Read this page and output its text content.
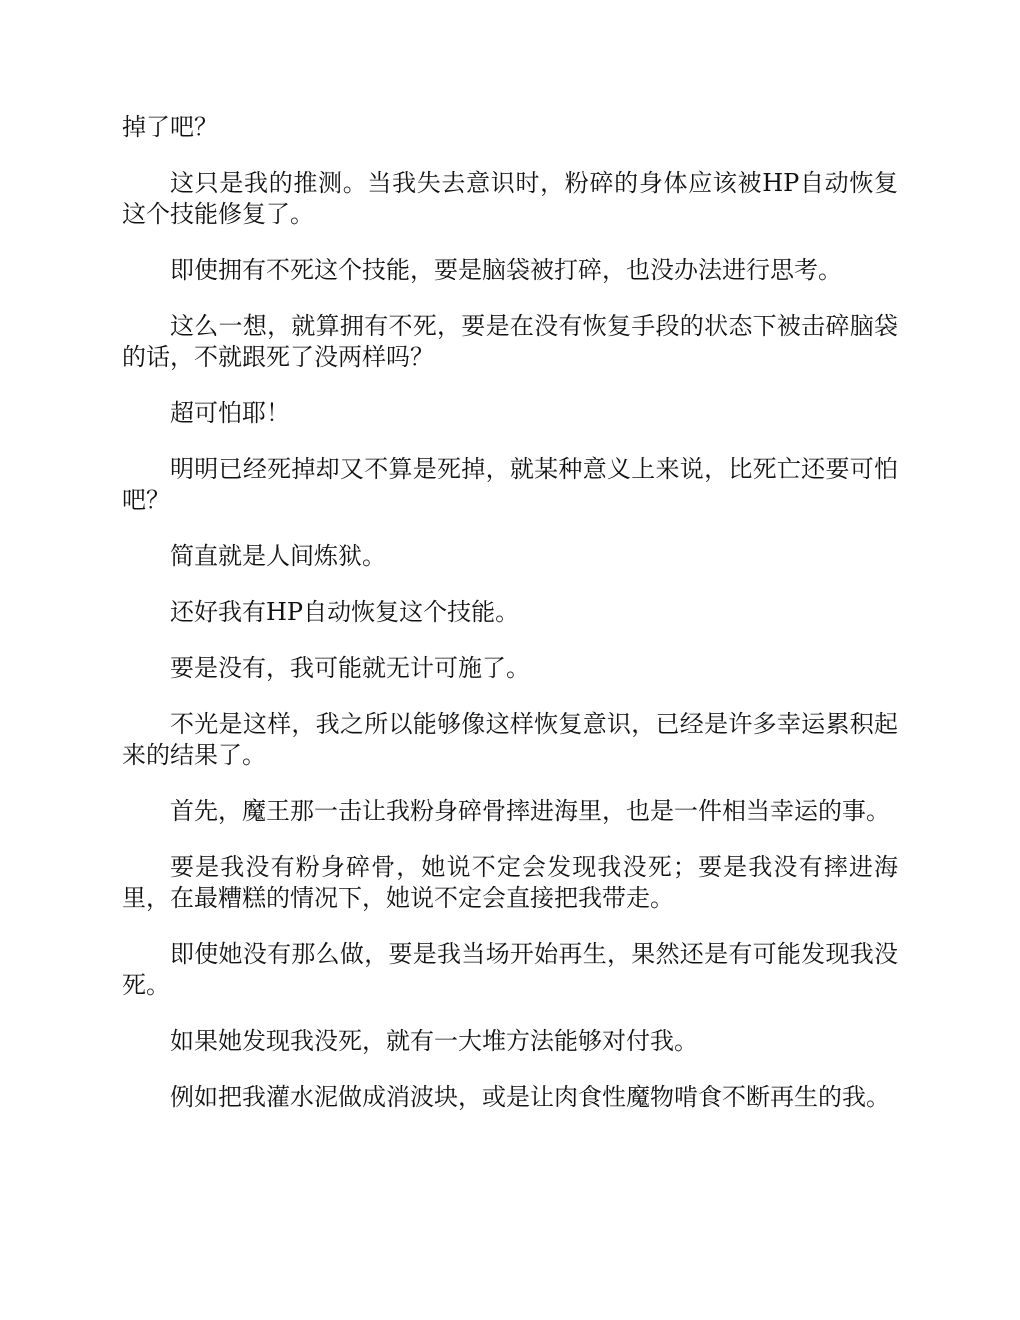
掉了吧？

这只是我的推测。当我失去意识时，粉碎的身体应该被HP自动恢复这个技能修复了。

即使拥有不死这个技能，要是脑袋被打碎，也没办法进行思考。

这么一想，就算拥有不死，要是在没有恢复手段的状态下被击碎脑袋的话，不就跟死了没两样吗？

超可怕耶！

明明已经死掉却又不算是死掉，就某种意义上来说，比死亡还要可怕吧？

简直就是人间炼狱。

还好我有HP自动恢复这个技能。

要是没有，我可能就无计可施了。

不光是这样，我之所以能够像这样恢复意识，已经是许多幸运累积起来的结果了。

首先，魔王那一击让我粉身碎骨摔进海里，也是一件相当幸运的事。

要是我没有粉身碎骨，她说不定会发现我没死；要是我没有摔进海里，在最糟糕的情况下，她说不定会直接把我带走。

即使她没有那么做，要是我当场开始再生，果然还是有可能发现我没死。

如果她发现我没死，就有一大堆方法能够对付我。

例如把我灌水泥做成消波块，或是让肉食性魔物啃食不断再生的我。
